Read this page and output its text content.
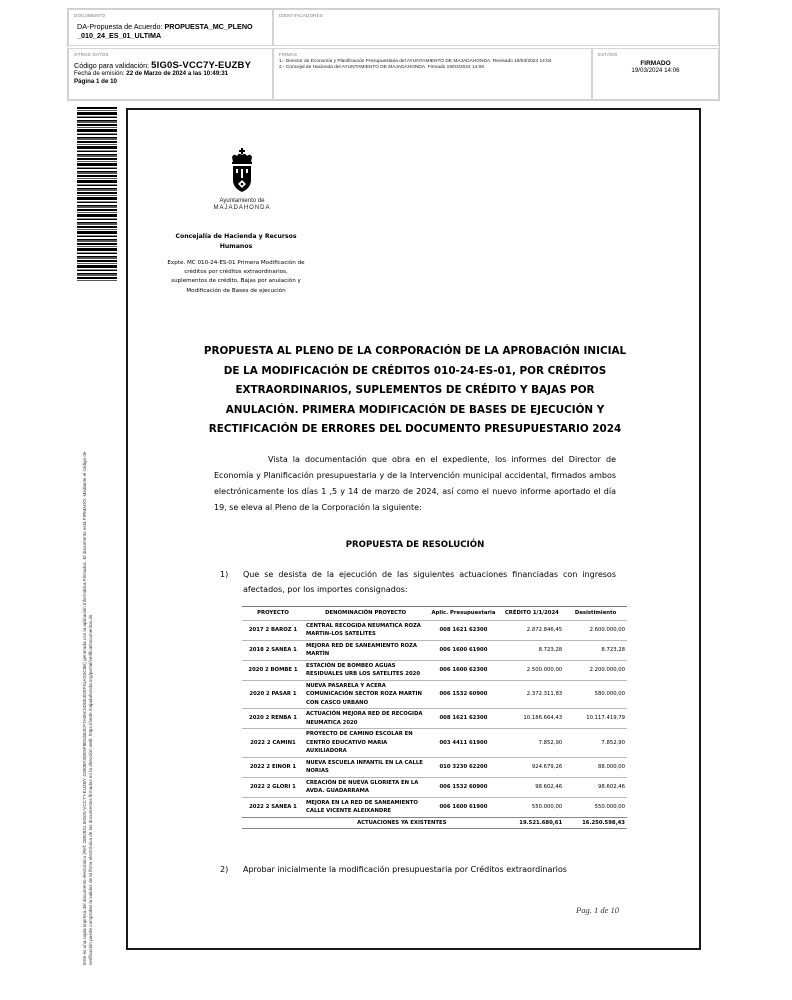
DOCUMENTO
DA-Propuesta de Acuerdo: PROPUESTA_MC_PLENO
_010_24_ES_01_ULTIMA
IDENTIFICADORES
OTROS DATOS
Código para validación: 5IG0S-VCC7Y-EUZBY
Fecha de emisión: 22 de Marzo de 2024 a las 10:49:31
Página 1 de 10
FIRMAS
1.- Director de Economía y Planificación Presupuestaria del AYUNTAMIENTO DE MAJADAHONDA. Revisado 19/03/2024 14:04
2.- Concejal de Hacienda del AYUNTAMIENTO DE MAJADAHONDA. Firmado 19/03/2024 14:06
ESTADO
FIRMADO
19/03/2024 14:06
Este es una copia impresa del documento electrónico (Ref: 2892831 5IG0S-VCC7Y-EUZBY 41B08F3DE5F8E52B4CF7A05C5D0E4DEF91AD3C8E) generada con la aplicación informática Firmadoc. El documento está FIRMADO. Mediante el código de verificación puede comprobar la validez de la firma electrónica de los documentos firmados en la dirección web: https://sede.majadahonda.org/portal/verificaDocumentos.do
Ayuntamiento de
MAJADAHONDA
Concejalía de Hacienda y Recursos Humanos
Expte. MC 010-24-ES-01 Primera Modificación de créditos por créditos extraordinarios, suplementos de crédito, Bajas por anulación y Modificación de Bases de ejecución
PROPUESTA AL PLENO DE LA CORPORACIÓN DE LA APROBACIÓN INICIAL DE LA MODIFICACIÓN DE CRÉDITOS 010-24-ES-01, POR CRÉDITOS EXTRAORDINARIOS, SUPLEMENTOS DE CRÉDITO Y BAJAS POR ANULACIÓN. PRIMERA MODIFICACIÓN DE BASES DE EJECUCIÓN Y RECTIFICACIÓN DE ERRORES DEL DOCUMENTO PRESUPUESTARIO 2024
Vista la documentación que obra en el expediente, los informes del Director de Economía y Planificación presupuestaria y de la Intervención municipal accidental, firmados ambos electrónicamente los días 1 ,5 y 14 de marzo de 2024, así como el nuevo informe aportado el día 19, se eleva al Pleno de la Corporación la siguiente:
PROPUESTA DE RESOLUCIÓN
1) Que se desista de la ejecución de las siguientes actuaciones financiadas con ingresos afectados, por los importes consignados:
PROYECTO	DENOMINACIÓN PROYECTO	Aplic. Presupuestaria	CRÉDITO 1/1/2024	Desistimiento
2017 2 BAROZ 1	CENTRAL RECOGIDA NEUMATICA ROZA MARTIN-LOS SATELITES	008 1621 62300	2.872.846,45	2.600.000,00
2018 2 SANEA 1	MEJORA RED DE SANEAMIENTO ROZA MARTÍN	006 1600 61900	8.723,28	8.723,28
2020 2 BOMBE 1	ESTACIÓN DE BOMBEO AGUAS RESIDUALES URB LOS SATELITES 2020	006 1600 62300	2.500.000,00	2.200.000,00
2020 2 PASAR 1	NUEVA PASARELA Y ACERA COMUNICACIÓN SECTOR ROZA MARTIN CON CASCO URBANO	006 1532 60900	2.372.311,83	580.000,00
2020 2 RENBA 1	ACTUACIÓN MEJORA RED DE RECOGIDA NEUMATICA 2020	008 1621 62300	10.186.664,43	10.117.419,79
2022 2 CAMIN1	PROYECTO DE CAMINO ESCOLAR EN CENTRO EDUCATIVO MARIA AUXILIADORA	003 4411 61900	7.852,90	7.852,90
2022 2 EINOR 1	NUEVA ESCUELA INFANTIL EN LA CALLE NORIAS	010 3230 62200	924.679,26	88.000,00
2022 2 GLORI 1	CREACIÓN DE NUEVA GLORIETA EN LA AVDA. GUADARRAMA	006 1532 60900	98.602,46	98.602,46
2022 2 SANEA 1	MEJORA EN LA RED DE SANEAMIENTO CALLE VICENTE ALEIXANDRE	006 1600 61900	550.000,00	550.000,00
	ACTUACIONES YA EXISTENTES		19.521.680,61	16.250.598,43
2) Aprobar inicialmente la modificación presupuestaria por Créditos extraordinarios
Pag. 1 de 10
